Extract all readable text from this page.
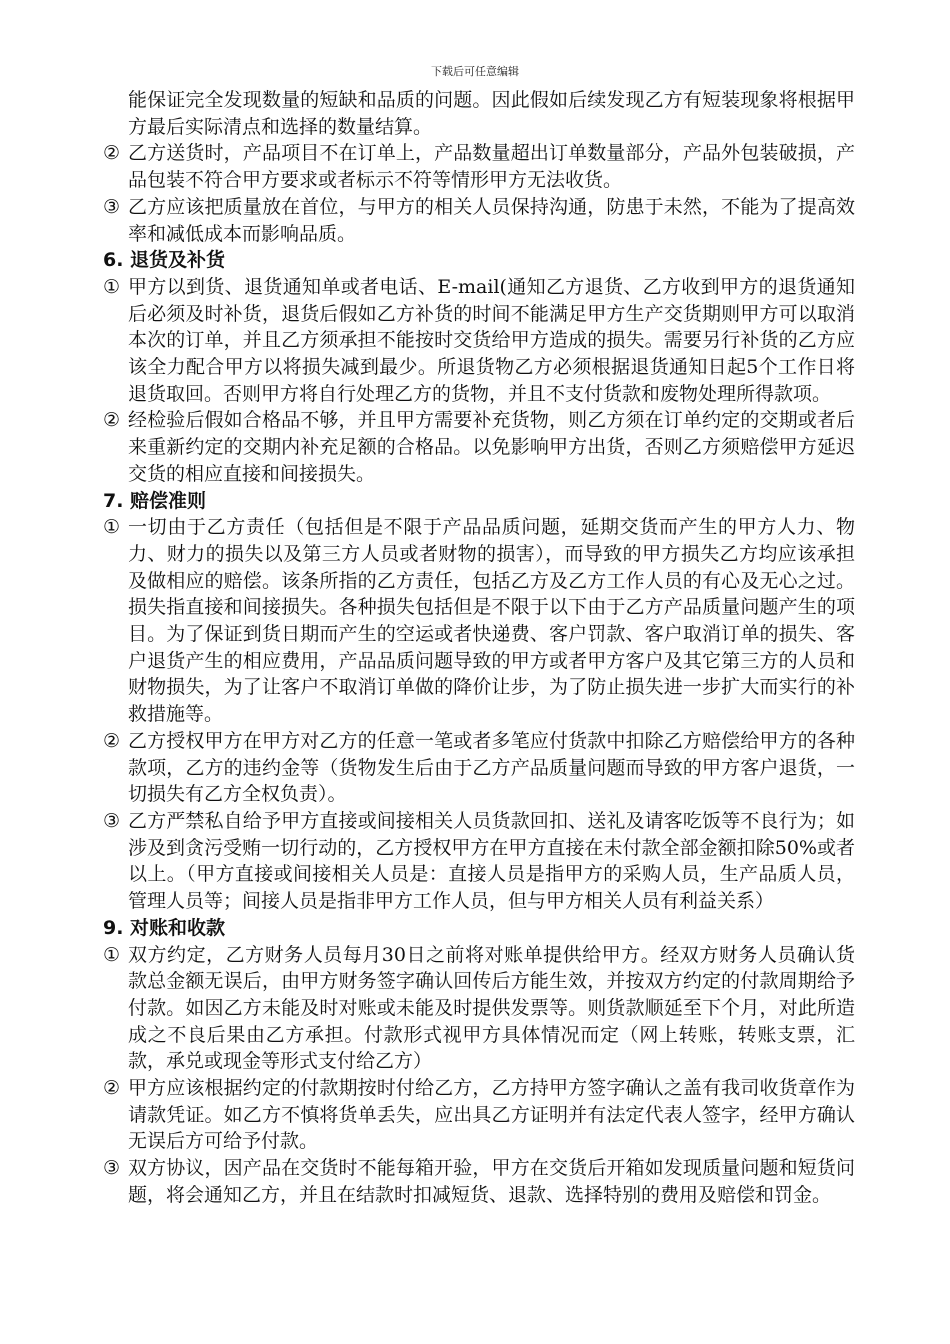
下载后可任意编辑

能保证完全发现数量的短缺和品质的问题。因此假如后续发现乙方有短装现象将根据甲方最后实际清点和选择的数量结算。

② 乙方送货时，产品项目不在订单上，产品数量超出订单数量部分，产品外包装破损，产品包装不符合甲方要求或者标示不符等情形甲方无法收货。
③ 乙方应该把质量放在首位，与甲方的相关人员保持沟通，防患于未然，不能为了提高效率和减低成本而影响品质。

6. 退货及补货

① 甲方以到货、退货通知单或者电话、E-mail(通知乙方退货、乙方收到甲方的退货通知后必须及时补货，退货后假如乙方补货的时间不能满足甲方生产交货期则甲方可以取消本次的订单，并且乙方须承担不能按时交货给甲方造成的损失。需要另行补货的乙方应该全力配合甲方以将损失减到最少。所退货物乙方必须根据退货通知日起5个工作日将退货取回。否则甲方将自行处理乙方的货物，并且不支付货款和废物处理所得款项。
② 经检验后假如合格品不够，并且甲方需要补充货物，则乙方须在订单约定的交期或者后来重新约定的交期内补充足额的合格品。以免影响甲方出货，否则乙方须赔偿甲方延迟交货的相应直接和间接损失。

7. 赔偿准则

① 一切由于乙方责任（包括但是不限于产品品质问题，延期交货而产生的甲方人力、物力、财力的损失以及第三方人员或者财物的损害），而导致的甲方损失乙方均应该承担及做相应的赔偿。该条所指的乙方责任，包括乙方及乙方工作人员的有心及无心之过。损失指直接和间接损失。各种损失包括但是不限于以下由于乙方产品质量问题产生的项目。为了保证到货日期而产生的空运或者快递费、客户罚款、客户取消订单的损失、客户退货产生的相应费用，产品品质问题导致的甲方或者甲方客户及其它第三方的人员和财物损失，为了让客户不取消订单做的降价让步，为了防止损失进一步扩大而实行的补救措施等。
② 乙方授权甲方在甲方对乙方的任意一笔或者多笔应付货款中扣除乙方赔偿给甲方的各种款项，乙方的违约金等（货物发生后由于乙方产品质量问题而导致的甲方客户退货，一切损失有乙方全权负责）。
③ 乙方严禁私自给予甲方直接或间接相关人员货款回扣、送礼及请客吃饭等不良行为；如涉及到贪污受贿一切行动的，乙方授权甲方在甲方直接在未付款全部金额扣除50%或者以上。（甲方直接或间接相关人员是：直接人员是指甲方的采购人员，生产品质人员，管理人员等；间接人员是指非甲方工作人员，但与甲方相关人员有利益关系）

9. 对账和收款

① 双方约定，乙方财务人员每月30日之前将对账单提供给甲方。经双方财务人员确认货款总金额无误后，由甲方财务签字确认回传后方能生效，并按双方约定的付款周期给予付款。如因乙方未能及时对账或未能及时提供发票等。则货款顺延至下个月，对此所造成之不良后果由乙方承担。付款形式视甲方具体情况而定（网上转账，转账支票，汇款，承兑或现金等形式支付给乙方）
② 甲方应该根据约定的付款期按时付给乙方，乙方持甲方签字确认之盖有我司收货章作为请款凭证。如乙方不慎将货单丢失，应出具乙方证明并有法定代表人签字，经甲方确认无误后方可给予付款。
③ 双方协议，因产品在交货时不能每箱开验，甲方在交货后开箱如发现质量问题和短货问题，将会通知乙方，并且在结款时扣减短货、退款、选择特别的费用及赔偿和罚金。
